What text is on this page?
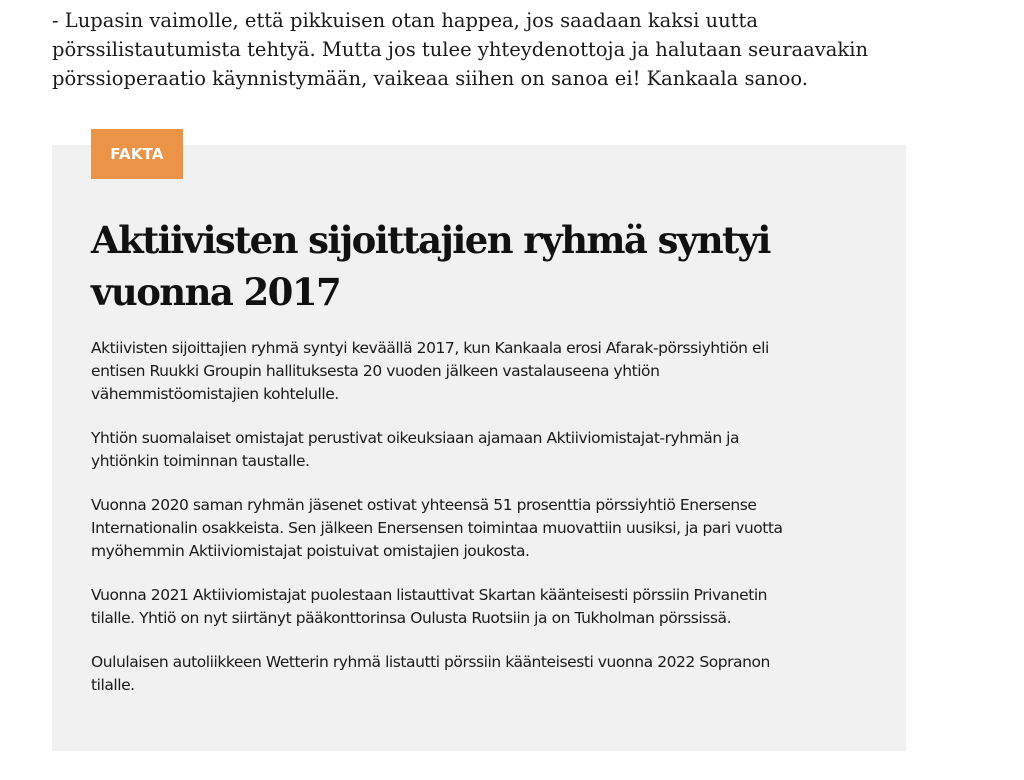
- Lupasin vaimolle, että pikkuisen otan happea, jos saadaan kaksi uutta pörssilistautumista tehtyä. Mutta jos tulee yhteydenottoja ja halutaan seuraavakin pörssioperaatio käynnistymään, vaikeaa siihen on sanoa ei! Kankaala sanoo.

FAKTA
Aktiivisten sijoittajien ryhmä syntyi vuonna 2017

Aktiivisten sijoittajien ryhmä syntyi keväällä 2017, kun Kankaala erosi Afarak-pörssiyhtiön eli
entisen Ruukki Groupin hallituksesta 20 vuoden jälkeen vastalauseena yhtiön
vähemmistöomistajien kohtelulle.

Yhtiön suomalaiset omistajat perustivat oikeuksiaan ajamaan Aktiiviomistajat-ryhmän ja
yhtiönkin toiminnan taustalle.

Vuonna 2020 saman ryhmän jäsenet ostivat yhteensä 51 prosenttia pörssiyhtiö Enersense
Internationalin osakkeista. Sen jälkeen Enersensen toimintaa muovattiin uusiksi, ja pari vuotta
myöhemmin Aktiiviomistajat poistuivat omistajien joukosta.

Vuonna 2021 Aktiiviomistajat puolestaan listauttivat Skartan käänteisesti pörssiin Privanetin
tilalle. Yhtiö on nyt siirtänyt pääkonttorinsa Oulusta Ruotsiin ja on Tukholman pörssissä.

Oululaisen autoliikkeen Wetterin ryhmä listautti pörssiin käänteisesti vuonna 2022 Sopranon
tilalle.
